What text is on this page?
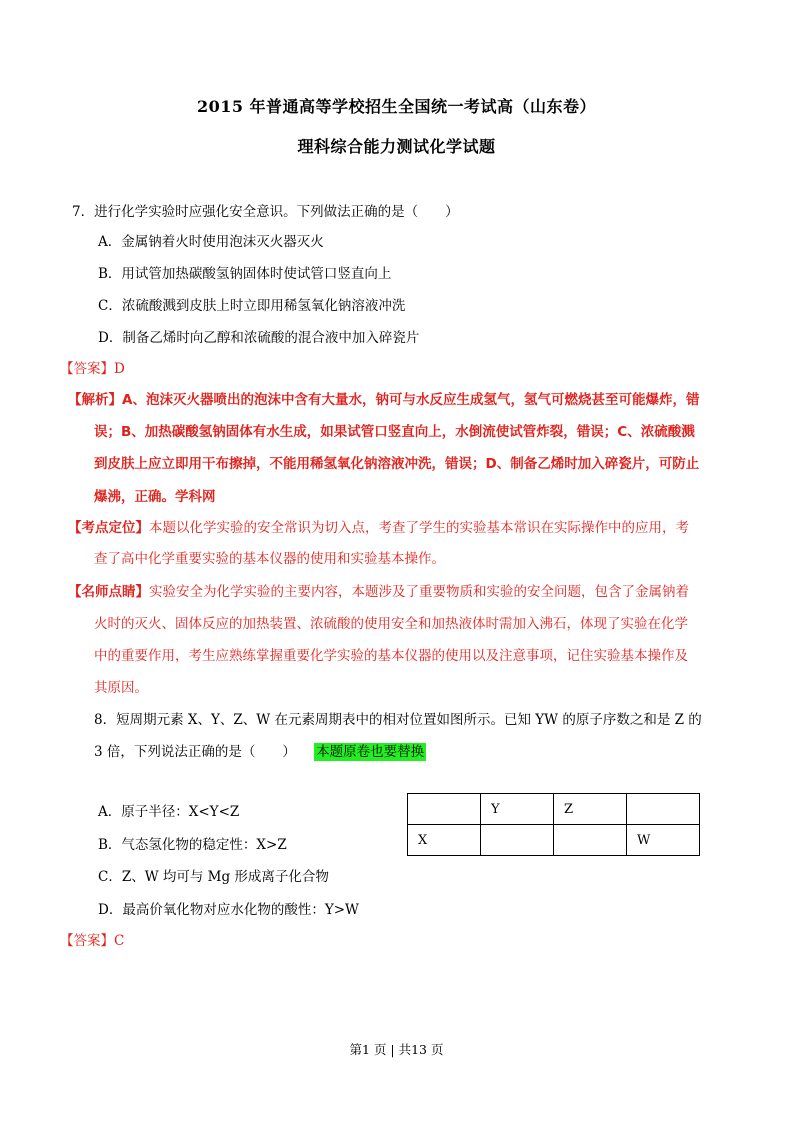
2015 年普通高等学校招生全国统一考试高（山东卷）
理科综合能力测试化学试题
7．进行化学实验时应强化安全意识。下列做法正确的是（　　）
A．金属钠着火时使用泡沫灭火器灭火
B．用试管加热碳酸氢钠固体时使试管口竖直向上
C．浓硫酸溅到皮肤上时立即用稀氢氧化钠溶液冲洗
D．制备乙烯时向乙醇和浓硫酸的混合液中加入碎瓷片
【答案】D
【解析】A、泡沫灭火器喷出的泡沫中含有大量水，钠可与水反应生成氢气，氢气可燃烧甚至可能爆炸，错
误；B、加热碳酸氢钠固体有水生成，如果试管口竖直向上，水倒流使试管炸裂，错误；C、浓硫酸溅
到皮肤上应立即用干布擦掉，不能用稀氢氧化钠溶液冲洗，错误；D、制备乙烯时加入碎瓷片，可防止
爆沸，正确。学科网
【考点定位】本题以化学实验的安全常识为切入点，考查了学生的实验基本常识在实际操作中的应用，考
查了高中化学重要实验的基本仪器的使用和实验基本操作。
【名师点睛】实验安全为化学实验的主要内容，本题涉及了重要物质和实验的安全问题，包含了金属钠着
火时的灭火、固体反应的加热装置、浓硫酸的使用安全和加热液体时需加入沸石，体现了实验在化学
中的重要作用，考生应熟练掌握重要化学实验的基本仪器的使用以及注意事项，记住实验基本操作及
其原因。
8．短周期元素 X、Y、Z、W 在元素周期表中的相对位置如图所示。已知 YW 的原子序数之和是 Z 的
3 倍，下列说法正确的是（　　） 本题原卷也要替换
A．原子半径：X<Y<Z
B．气态氢化物的稳定性：X>Z
C．Z、W 均可与 Mg 形成离子化合物
D．最高价氧化物对应水化物的酸性：Y>W
	Y	Z	
X			W
【答案】C
第1 页 | 共13 页
